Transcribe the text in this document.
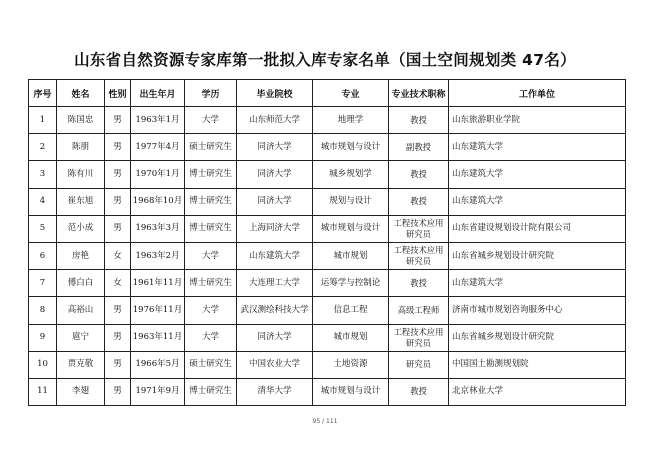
山东省自然资源专家库第一批拟入库专家名单（国土空间规划类 47名）
序号	姓名	性别	出生年月	学历	毕业院校	专业	专业技术职称	工作单位
1	陈国忠	男	1963年1月	大学	山东师范大学	地理学	教授	山东旅游职业学院
2	陈朋	男	1977年4月	硕士研究生	同济大学	城市规划与设计	副教授	山东建筑大学
3	陈有川	男	1970年1月	博士研究生	同济大学	城乡规划学	教授	山东建筑大学
4	崔东旭	男	1968年10月	博士研究生	同济大学	规划与设计	教授	山东建筑大学
5	范小成	男	1963年3月	博士研究生	上海同济大学	城市规划与设计	工程技术应用研究员	山东省建设规划设计院有限公司
6	房艳	女	1963年2月	大学	山东建筑大学	城市规划	工程技术应用研究员	山东省城乡规划设计研究院
7	傅白白	女	1961年11月	博士研究生	大连理工大学	运筹学与控制论	教授	山东建筑大学
8	高裕山	男	1976年11月	大学	武汉测绘科技大学	信息工程	高级工程师	济南市城市规划咨询服务中心
9	扈宁	男	1963年11月	大学	同济大学	城市规划	工程技术应用研究员	山东省城乡规划设计研究院
10	贾克敬	男	1966年5月	硕士研究生	中国农业大学	土地资源	研究员	中国国土勘测规划院
11	李翅	男	1971年9月	博士研究生	清华大学	城市规划与设计	教授	北京林业大学
95 / 111
